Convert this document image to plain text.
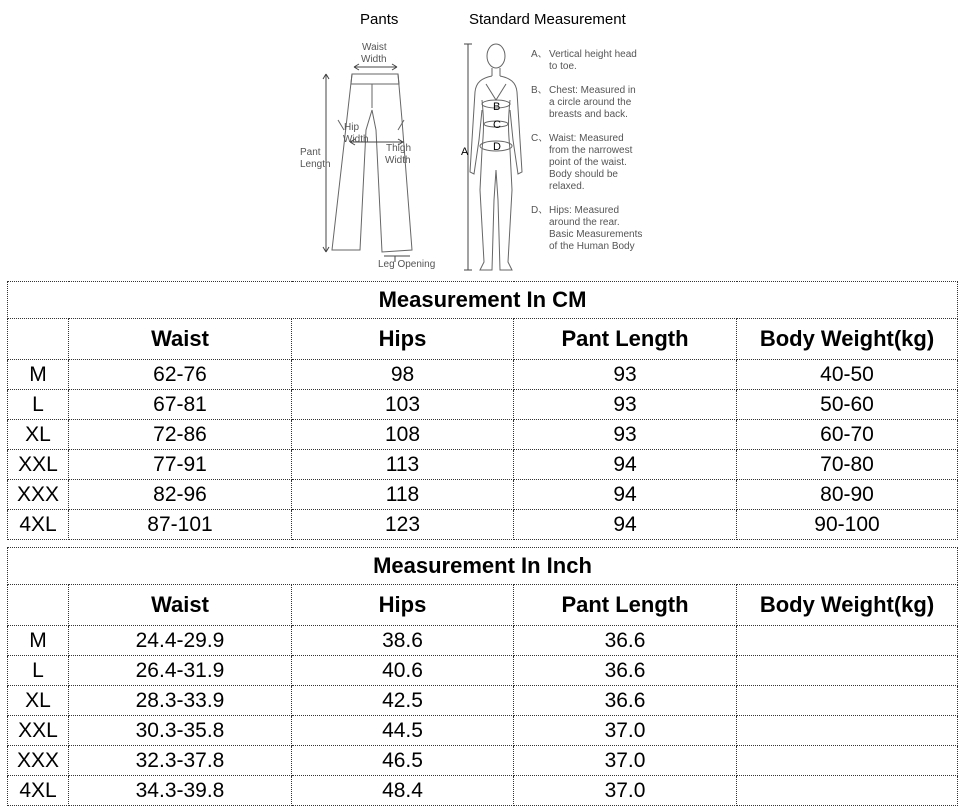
Pants	Standard Measurement
Waist
Width
Hip
Width
Pant
Length
Thigh
Width
Leg Opening
A
B
C
D
A、 Vertical height head
to toe.
B、 Chest: Measured in
a circle around the
breasts and back.
C、 Waist: Measured
from the narrowest
point of the waist.
Body should be
relaxed.
D、 Hips: Measured
around the rear.
Basic Measurements
of the Human Body
Measurement In CM				
	Waist	Hips	Pant Length	Body Weight(kg)
M	62-76	98	93	40-50
L	67-81	103	93	50-60
XL	72-86	108	93	60-70
XXL	77-91	113	94	70-80
XXX	82-96	118	94	80-90
4XL	87-101	123	94	90-100
Measurement In Inch				
	Waist	Hips	Pant Length	Body Weight(kg)
M	24.4-29.9	38.6	36.6	
L	26.4-31.9	40.6	36.6	
XL	28.3-33.9	42.5	36.6	
XXL	30.3-35.8	44.5	37.0	
XXX	32.3-37.8	46.5	37.0	
4XL	34.3-39.8	48.4	37.0	
